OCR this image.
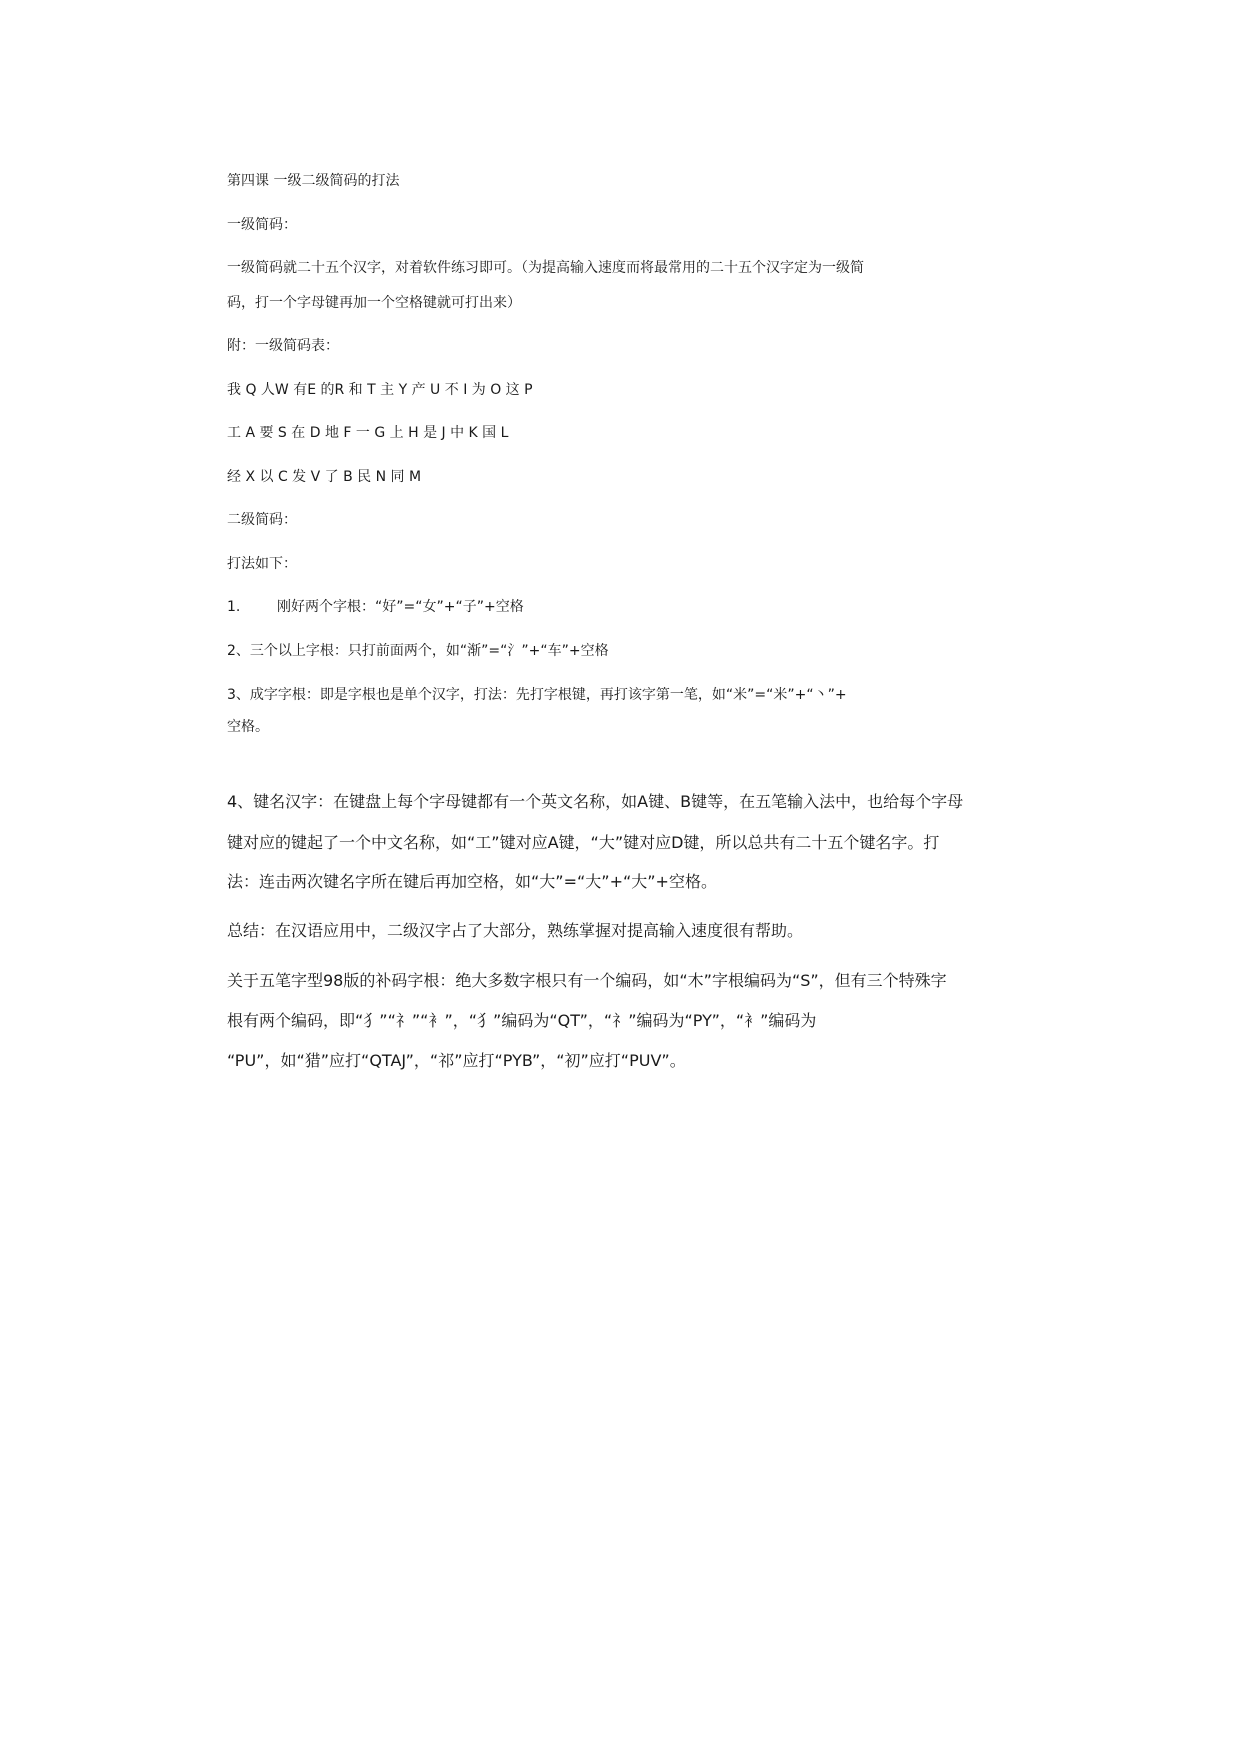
第四课 一级二级简码的打法
一级简码：
一级简码就二十五个汉字，对着软件练习即可。（为提高输入速度而将最常用的二十五个汉字定为一级简
码，打一个字母键再加一个空格键就可打出来）
附：一级简码表：
我 Q 人W 有E 的R 和 T 主 Y 产 U 不 I 为 O 这 P
工 A 要 S 在 D 地 F 一 G 上 H 是 J 中 K 国 L
经 X 以 C 发 V 了 B 民 N 同 M
二级简码：
打法如下：
1.	刚好两个字根：“好”=“女”+“子”+空格
2、三个以上字根：只打前面两个，如“渐”=“氵”+“车”+空格
3、成字字根：即是字根也是单个汉字，打法：先打字根键，再打该字第一笔，如“米”=“米”+“丶”+
空格。
4、键名汉字：在键盘上每个字母键都有一个英文名称，如A键、B键等，在五笔输入法中，也给每个字母
键对应的键起了一个中文名称，如“工”键对应A键，“大”键对应D键，所以总共有二十五个键名字。打
法：连击两次键名字所在键后再加空格，如“大”=“大”+“大”+空格。
总结：在汉语应用中，二级汉字占了大部分，熟练掌握对提高输入速度很有帮助。
关于五笔字型98版的补码字根：绝大多数字根只有一个编码，如“木”字根编码为“S”，但有三个特殊字
根有两个编码，即“犭”“礻”“衤”，“犭”编码为“QT”，“礻”编码为“PY”，“衤”编码为
“PU”，如“猎”应打“QTAJ”，“祁”应打“PYB”，“初”应打“PUV”。
